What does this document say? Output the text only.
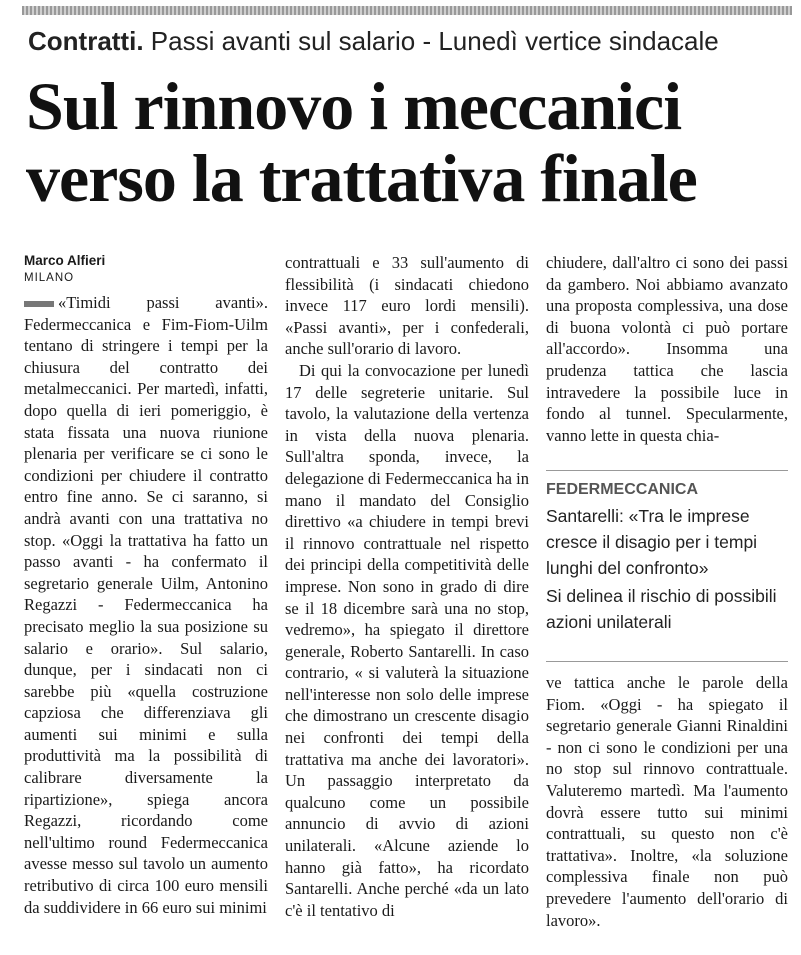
Contratti. Passi avanti sul salario - Lunedì vertice sindacale
Sul rinnovo i meccanici
verso la trattativa finale
Marco Alfieri
MILANO

«Timidi passi avanti». Federmeccanica e Fim-Fiom-Uilm tentano di stringere i tempi per la chiusura del contratto dei metalmeccanici. Per martedì, infatti, dopo quella di ieri pomeriggio, è stata fissata una nuova riunione plenaria per verificare se ci sono le condizioni per chiudere il contratto entro fine anno. Se ci saranno, si andrà avanti con una trattativa no stop. «Oggi la trattativa ha fatto un passo avanti - ha confermato il segretario generale Uilm, Antonino Regazzi - Federmeccanica ha precisato meglio la sua posizione su salario e orario». Sul salario, dunque, per i sindacati non ci sarebbe più «quella costruzione capziosa che differenziava gli aumenti sui minimi e sulla produttività ma la possibilità di calibrare diversamente la ripartizione», spiega ancora Regazzi, ricordando come nell'ultimo round Federmeccanica avesse messo sul tavolo un aumento retributivo di circa 100 euro mensili da suddividere in 66 euro sui minimi

contrattuali e 33 sull'aumento di flessibilità (i sindacati chiedono invece 117 euro lordi mensili). «Passi avanti», per i confederali, anche sull'orario di lavoro.

Di qui la convocazione per lunedì 17 delle segreterie unitarie. Sul tavolo, la valutazione della vertenza in vista della nuova plenaria. Sull'altra sponda, invece, la delegazione di Federmeccanica ha in mano il mandato del Consiglio direttivo «a chiudere in tempi brevi il rinnovo contrattuale nel rispetto dei principi della competitività delle imprese. Non sono in grado di dire se il 18 dicembre sarà una no stop, vedremo», ha spiegato il direttore generale, Roberto Santarelli. In caso contrario, « si valuterà la situazione nell'interesse non solo delle imprese che dimostrano un crescente disagio nei confronti dei tempi della trattativa ma anche dei lavoratori». Un passaggio interpretato da qualcuno come un possibile annuncio di avvio di azioni unilaterali. «Alcune aziende lo hanno già fatto», ha ricordato Santarelli. Anche perché «da un lato c'è il tentativo di

chiudere, dall'altro ci sono dei passi da gambero. Noi abbiamo avanzato una proposta complessiva, una dose di buona volontà ci può portare all'accordo». Insomma una prudenza tattica che lascia intravedere la possibile luce in fondo al tunnel. Specularmente, vanno lette in questa chia-

FEDERMECCANICA
Santarelli: «Tra le imprese cresce il disagio per i tempi lunghi del confronto»
Si delinea il rischio di possibili azioni unilaterali

ve tattica anche le parole della Fiom. «Oggi - ha spiegato il segretario generale Gianni Rinaldini - non ci sono le condizioni per una no stop sul rinnovo contrattuale. Valuteremo martedì. Ma l'aumento dovrà essere tutto sui minimi contrattuali, su questo non c'è trattativa». Inoltre, «la soluzione complessiva finale non può prevedere l'aumento dell'orario di lavoro».
